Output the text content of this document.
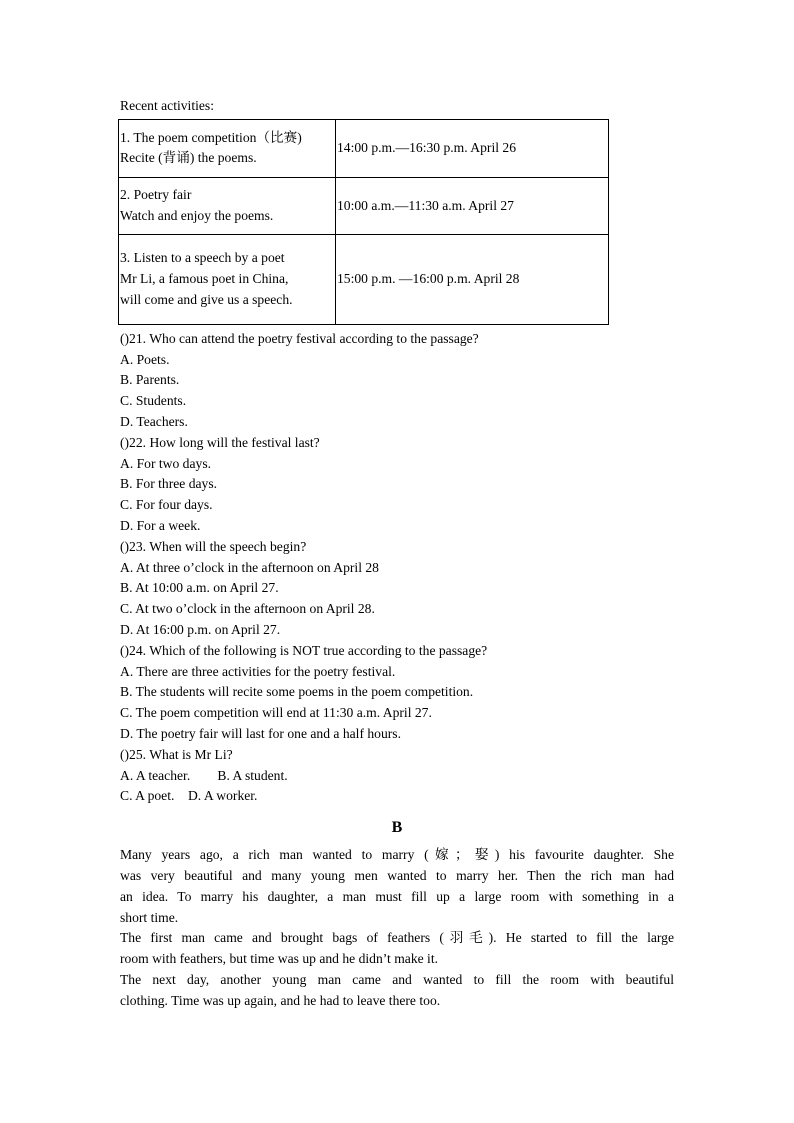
Recent activities:
1. The poem competition（比赛)
Recite (背诵) the poems.	14:00 p.m.—16:30 p.m. April 26

2. Poetry fair
Watch and enjoy the poems.	10:00 a.m.—11:30 a.m. April 27

3. Listen to a speech by a poet
Mr Li, a famous poet in China,
will come and give us a speech.	15:00 p.m. —16:00 p.m. April 28
()21. Who can attend the poetry festival according to the passage?
A. Poets.
B. Parents.
C. Students.
D. Teachers.
()22. How long will the festival last?
A. For two days.
B. For three days.
C. For four days.
D. For a week.
()23. When will the speech begin?
A. At three o’clock in the afternoon on April 28
B. At 10:00 a.m. on April 27.
C. At two o’clock in the afternoon on April 28.
D. At 16:00 p.m. on April 27.
()24. Which of the following is NOT true according to the passage?
A. There are three activities for the poetry festival.
B. The students will recite some poems in the poem competition.
C. The poem competition will end at 11:30 a.m. April 27.
D. The poetry fair will last for one and a half hours.
()25. What is Mr Li?
A. A teacher.        B. A student.
C. A poet.    D. A worker.
B
Many years ago, a rich man wanted to marry (嫁；娶) his favourite daughter. She
was very beautiful and many young men wanted to marry her. Then the rich man had
an idea. To marry his daughter, a man must fill up a large room with something in a
short time.
The first man came and brought bags of feathers (羽毛). He started to fill the large
room with feathers, but time was up and he didn’t make it.
The next day, another young man came and wanted to fill the room with beautiful
clothing. Time was up again, and he had to leave there too.
